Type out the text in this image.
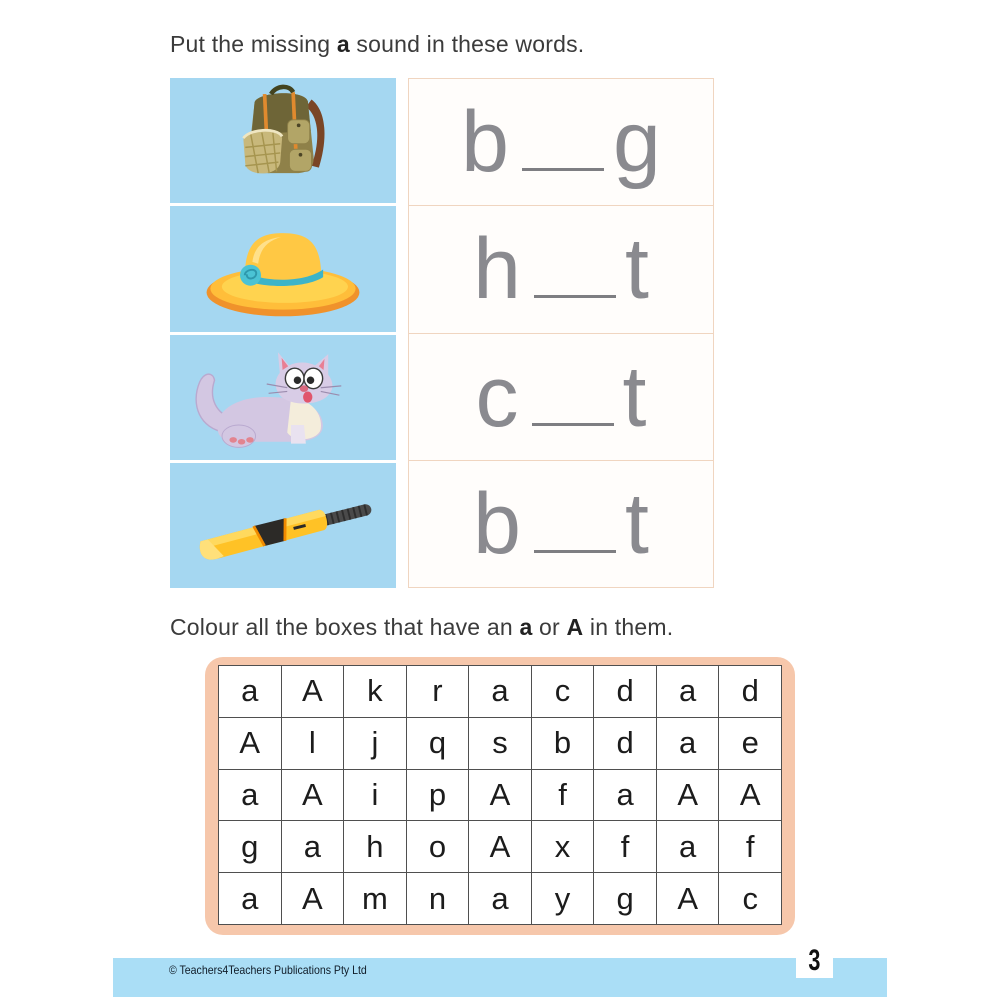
Put the missing a sound in these words.
b g
h t
c t
b t
Colour all the boxes that have an a or A in them.
a	A	k	r	a	c	d	a	d
A	l	j	q	s	b	d	a	e
a	A	i	p	A	f	a	A	A
g	a	h	o	A	x	f	a	f
a	A	m	n	a	y	g	A	c
© Teachers4Teachers Publications Pty Ltd	3
